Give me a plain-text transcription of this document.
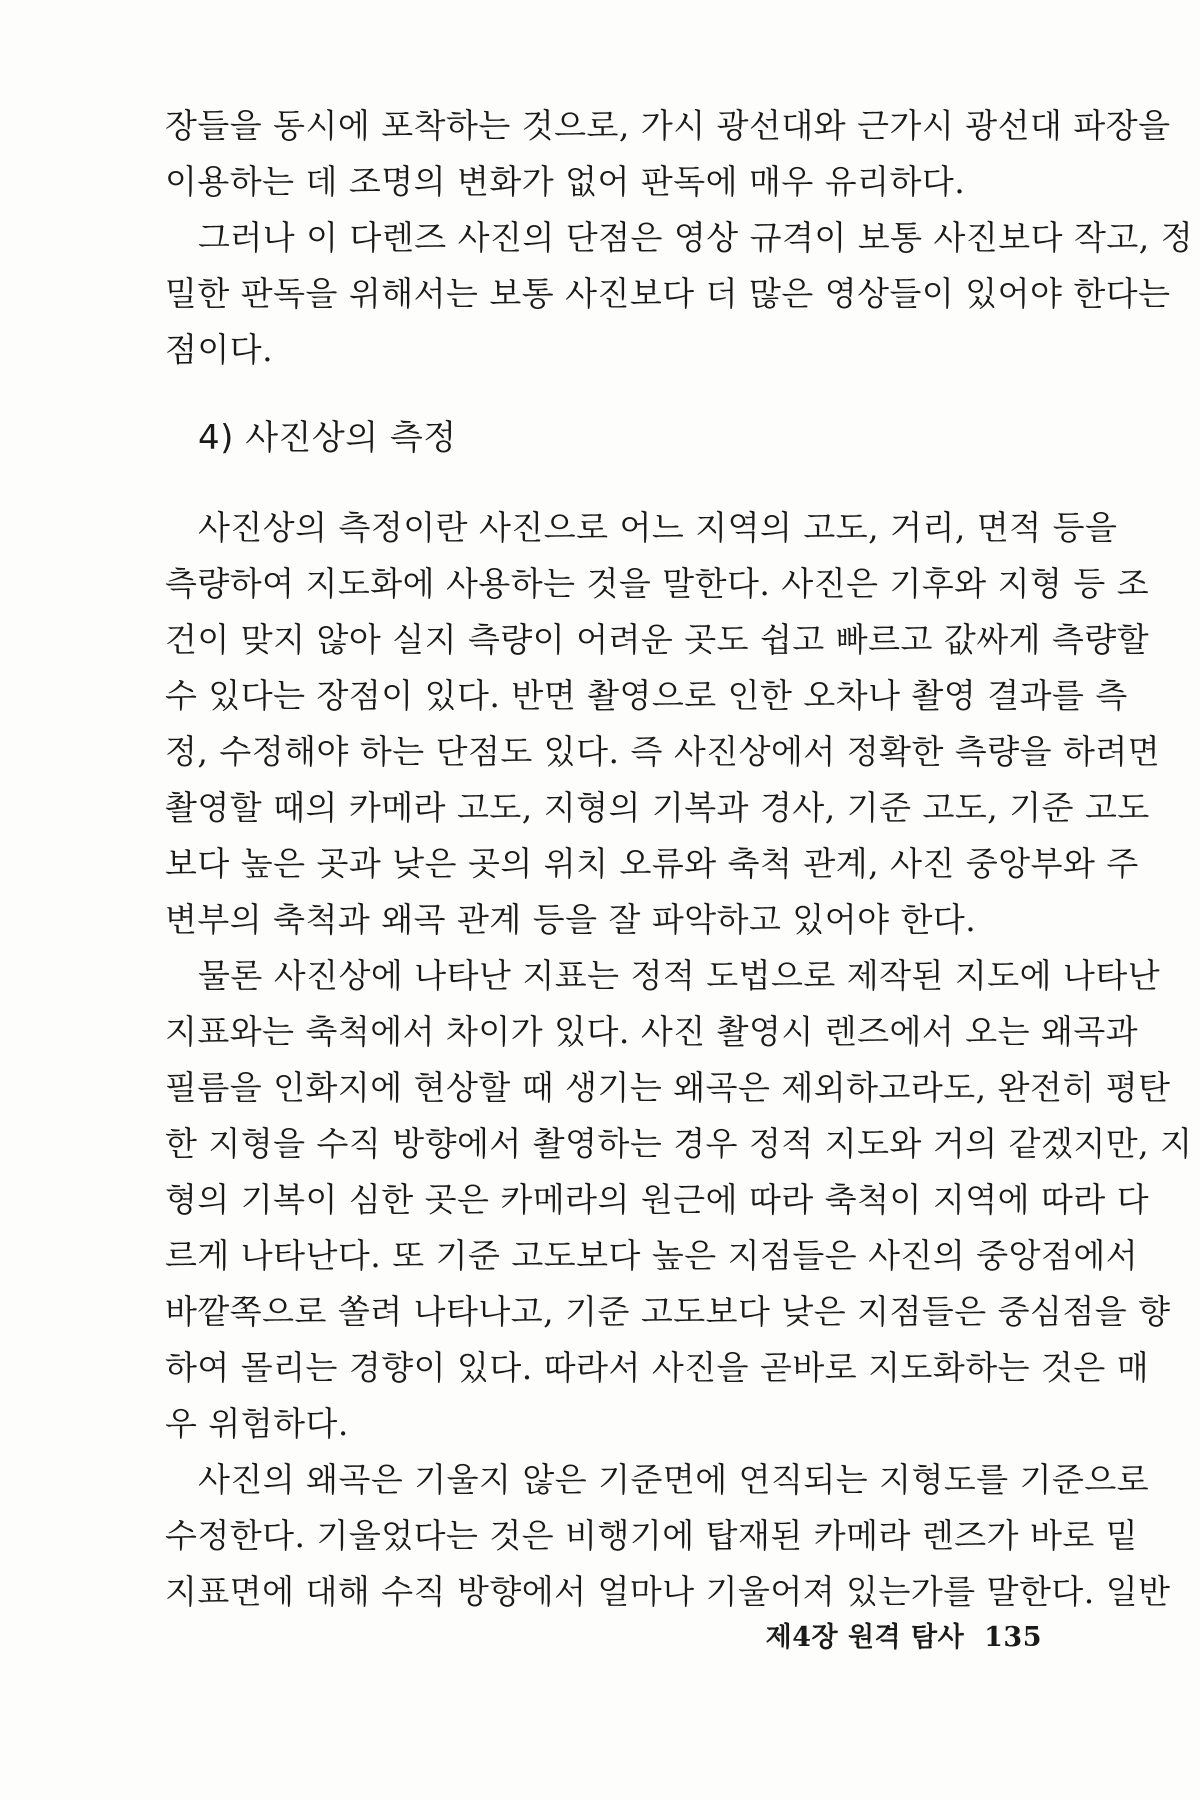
장들을 동시에 포착하는 것으로, 가시 광선대와 근가시 광선대 파장을
이용하는 데 조명의 변화가 없어 판독에 매우 유리하다.

그러나 이 다렌즈 사진의 단점은 영상 규격이 보통 사진보다 작고, 정
밀한 판독을 위해서는 보통 사진보다 더 많은 영상들이 있어야 한다는
점이다.

4) 사진상의 측정

사진상의 측정이란 사진으로 어느 지역의 고도, 거리, 면적 등을
측량하여 지도화에 사용하는 것을 말한다. 사진은 기후와 지형 등 조
건이 맞지 않아 실지 측량이 어려운 곳도 쉽고 빠르고 값싸게 측량할
수 있다는 장점이 있다. 반면 촬영으로 인한 오차나 촬영 결과를 측
정, 수정해야 하는 단점도 있다. 즉 사진상에서 정확한 측량을 하려면
촬영할 때의 카메라 고도, 지형의 기복과 경사, 기준 고도, 기준 고도
보다 높은 곳과 낮은 곳의 위치 오류와 축척 관계, 사진 중앙부와 주
변부의 축척과 왜곡 관계 등을 잘 파악하고 있어야 한다.

물론 사진상에 나타난 지표는 정적 도법으로 제작된 지도에 나타난
지표와는 축척에서 차이가 있다. 사진 촬영시 렌즈에서 오는 왜곡과
필름을 인화지에 현상할 때 생기는 왜곡은 제외하고라도, 완전히 평탄
한 지형을 수직 방향에서 촬영하는 경우 정적 지도와 거의 같겠지만, 지
형의 기복이 심한 곳은 카메라의 원근에 따라 축척이 지역에 따라 다
르게 나타난다. 또 기준 고도보다 높은 지점들은 사진의 중앙점에서
바깥쪽으로 쏠려 나타나고, 기준 고도보다 낮은 지점들은 중심점을 향
하여 몰리는 경향이 있다. 따라서 사진을 곧바로 지도화하는 것은 매
우 위험하다.

사진의 왜곡은 기울지 않은 기준면에 연직되는 지형도를 기준으로
수정한다. 기울었다는 것은 비행기에 탑재된 카메라 렌즈가 바로 밑
지표면에 대해 수직 방향에서 얼마나 기울어져 있는가를 말한다. 일반

제4장 원격 탐사 135
